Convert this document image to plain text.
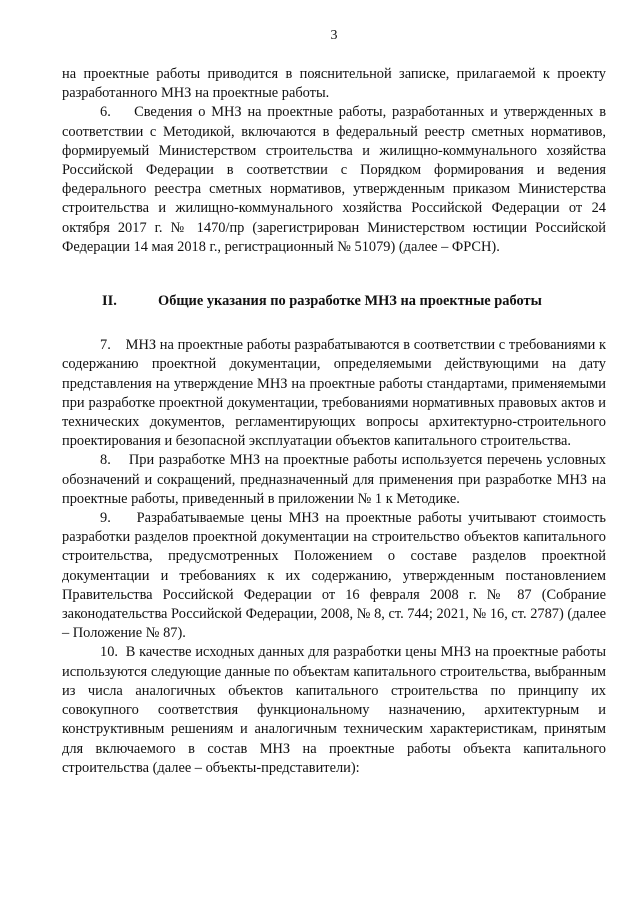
3

на проектные работы приводится в пояснительной записке, прилагаемой к проекту разработанного МНЗ на проектные работы.

6.    Сведения о МНЗ на проектные работы, разработанных и утвержденных в соответствии с Методикой, включаются в федеральный реестр сметных нормативов, формируемый Министерством строительства и жилищно-коммунального хозяйства Российской Федерации в соответствии с Порядком формирования и ведения федерального реестра сметных нормативов, утвержденным приказом Министерства строительства и жилищно-коммунального хозяйства Российской Федерации от 24 октября 2017 г. № 1470/пр (зарегистрирован Министерством юстиции Российской Федерации 14 мая 2018 г., регистрационный № 51079) (далее – ФРСН).

II.	Общие указания по разработке МНЗ на проектные работы

7.    МНЗ на проектные работы разрабатываются в соответствии с требованиями к содержанию проектной документации, определяемыми действующими на дату представления на утверждение МНЗ на проектные работы стандартами, применяемыми при разработке проектной документации, требованиями нормативных правовых актов и технических документов, регламентирующих вопросы архитектурно-строительного проектирования и безопасной эксплуатации объектов капитального строительства.

8.    При разработке МНЗ на проектные работы используется перечень условных обозначений и сокращений, предназначенный для применения при разработке МНЗ на проектные работы, приведенный в приложении № 1 к Методике.

9.    Разрабатываемые цены МНЗ на проектные работы учитывают стоимость разработки разделов проектной документации на строительство объектов капитального строительства, предусмотренных Положением о составе разделов проектной документации и требованиях к их содержанию, утвержденным постановлением Правительства Российской Федерации от 16 февраля 2008 г. № 87 (Собрание законодательства Российской Федерации, 2008, № 8, ст. 744; 2021, № 16, ст. 2787) (далее – Положение № 87).

10.  В качестве исходных данных для разработки цены МНЗ на проектные работы используются следующие данные по объектам капитального строительства, выбранным из числа аналогичных объектов капитального строительства по принципу их совокупного соответствия функциональному назначению, архитектурным и конструктивным решениям и аналогичным техническим характеристикам, принятым для включаемого в состав МНЗ на проектные работы объекта капитального строительства (далее – объекты-представители):
